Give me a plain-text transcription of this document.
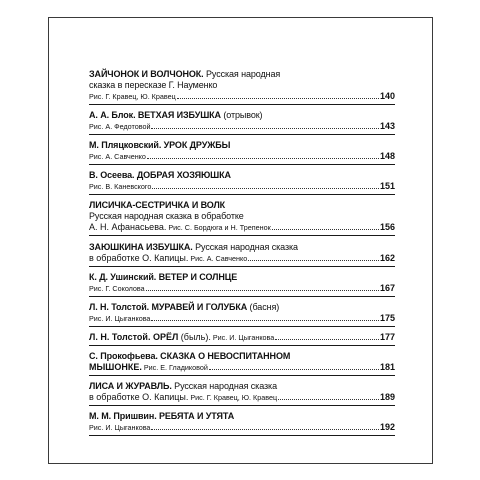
ЗАЙЧОНОК И ВОЛЧОНОК. Русская народная
сказка в пересказе Г. Науменко
Рис. Г. Кравец, Ю. Кравец	140
А. А. Блок. ВЕТХАЯ ИЗБУШКА (отрывок)
Рис. А. Федотовой	143
М. Пляцковский. УРОК ДРУЖБЫ
Рис. А. Савченко	148
В. Осеева. ДОБРАЯ ХОЗЯЮШКА
Рис. В. Каневского	151
ЛИСИЧКА-СЕСТРИЧКА И ВОЛК
Русская народная сказка в обработке
А. Н. Афанасьева. Рис. С. Бордюга и Н. Трепенок	156
ЗАЮШКИНА ИЗБУШКА. Русская народная сказка
в обработке О. Капицы. Рис. А. Савченко	162
К. Д. Ушинский. ВЕТЕР И СОЛНЦЕ
Рис. Г. Соколова	167
Л. Н. Толстой. МУРАВЕЙ И ГОЛУБКА (басня)
Рис. И. Цыганкова	175
Л. Н. Толстой. ОРЁЛ (быль). Рис. И. Цыганкова	177
С. Прокофьева. СКАЗКА О НЕВОСПИТАННОМ
МЫШОНКЕ. Рис. Е. Гладиковой	181
ЛИСА И ЖУРАВЛЬ. Русская народная сказка
в обработке О. Капицы. Рис. Г. Кравец, Ю. Кравец	189
М. М. Пришвин. РЕБЯТА И УТЯТА
Рис. И. Цыганкова	192
